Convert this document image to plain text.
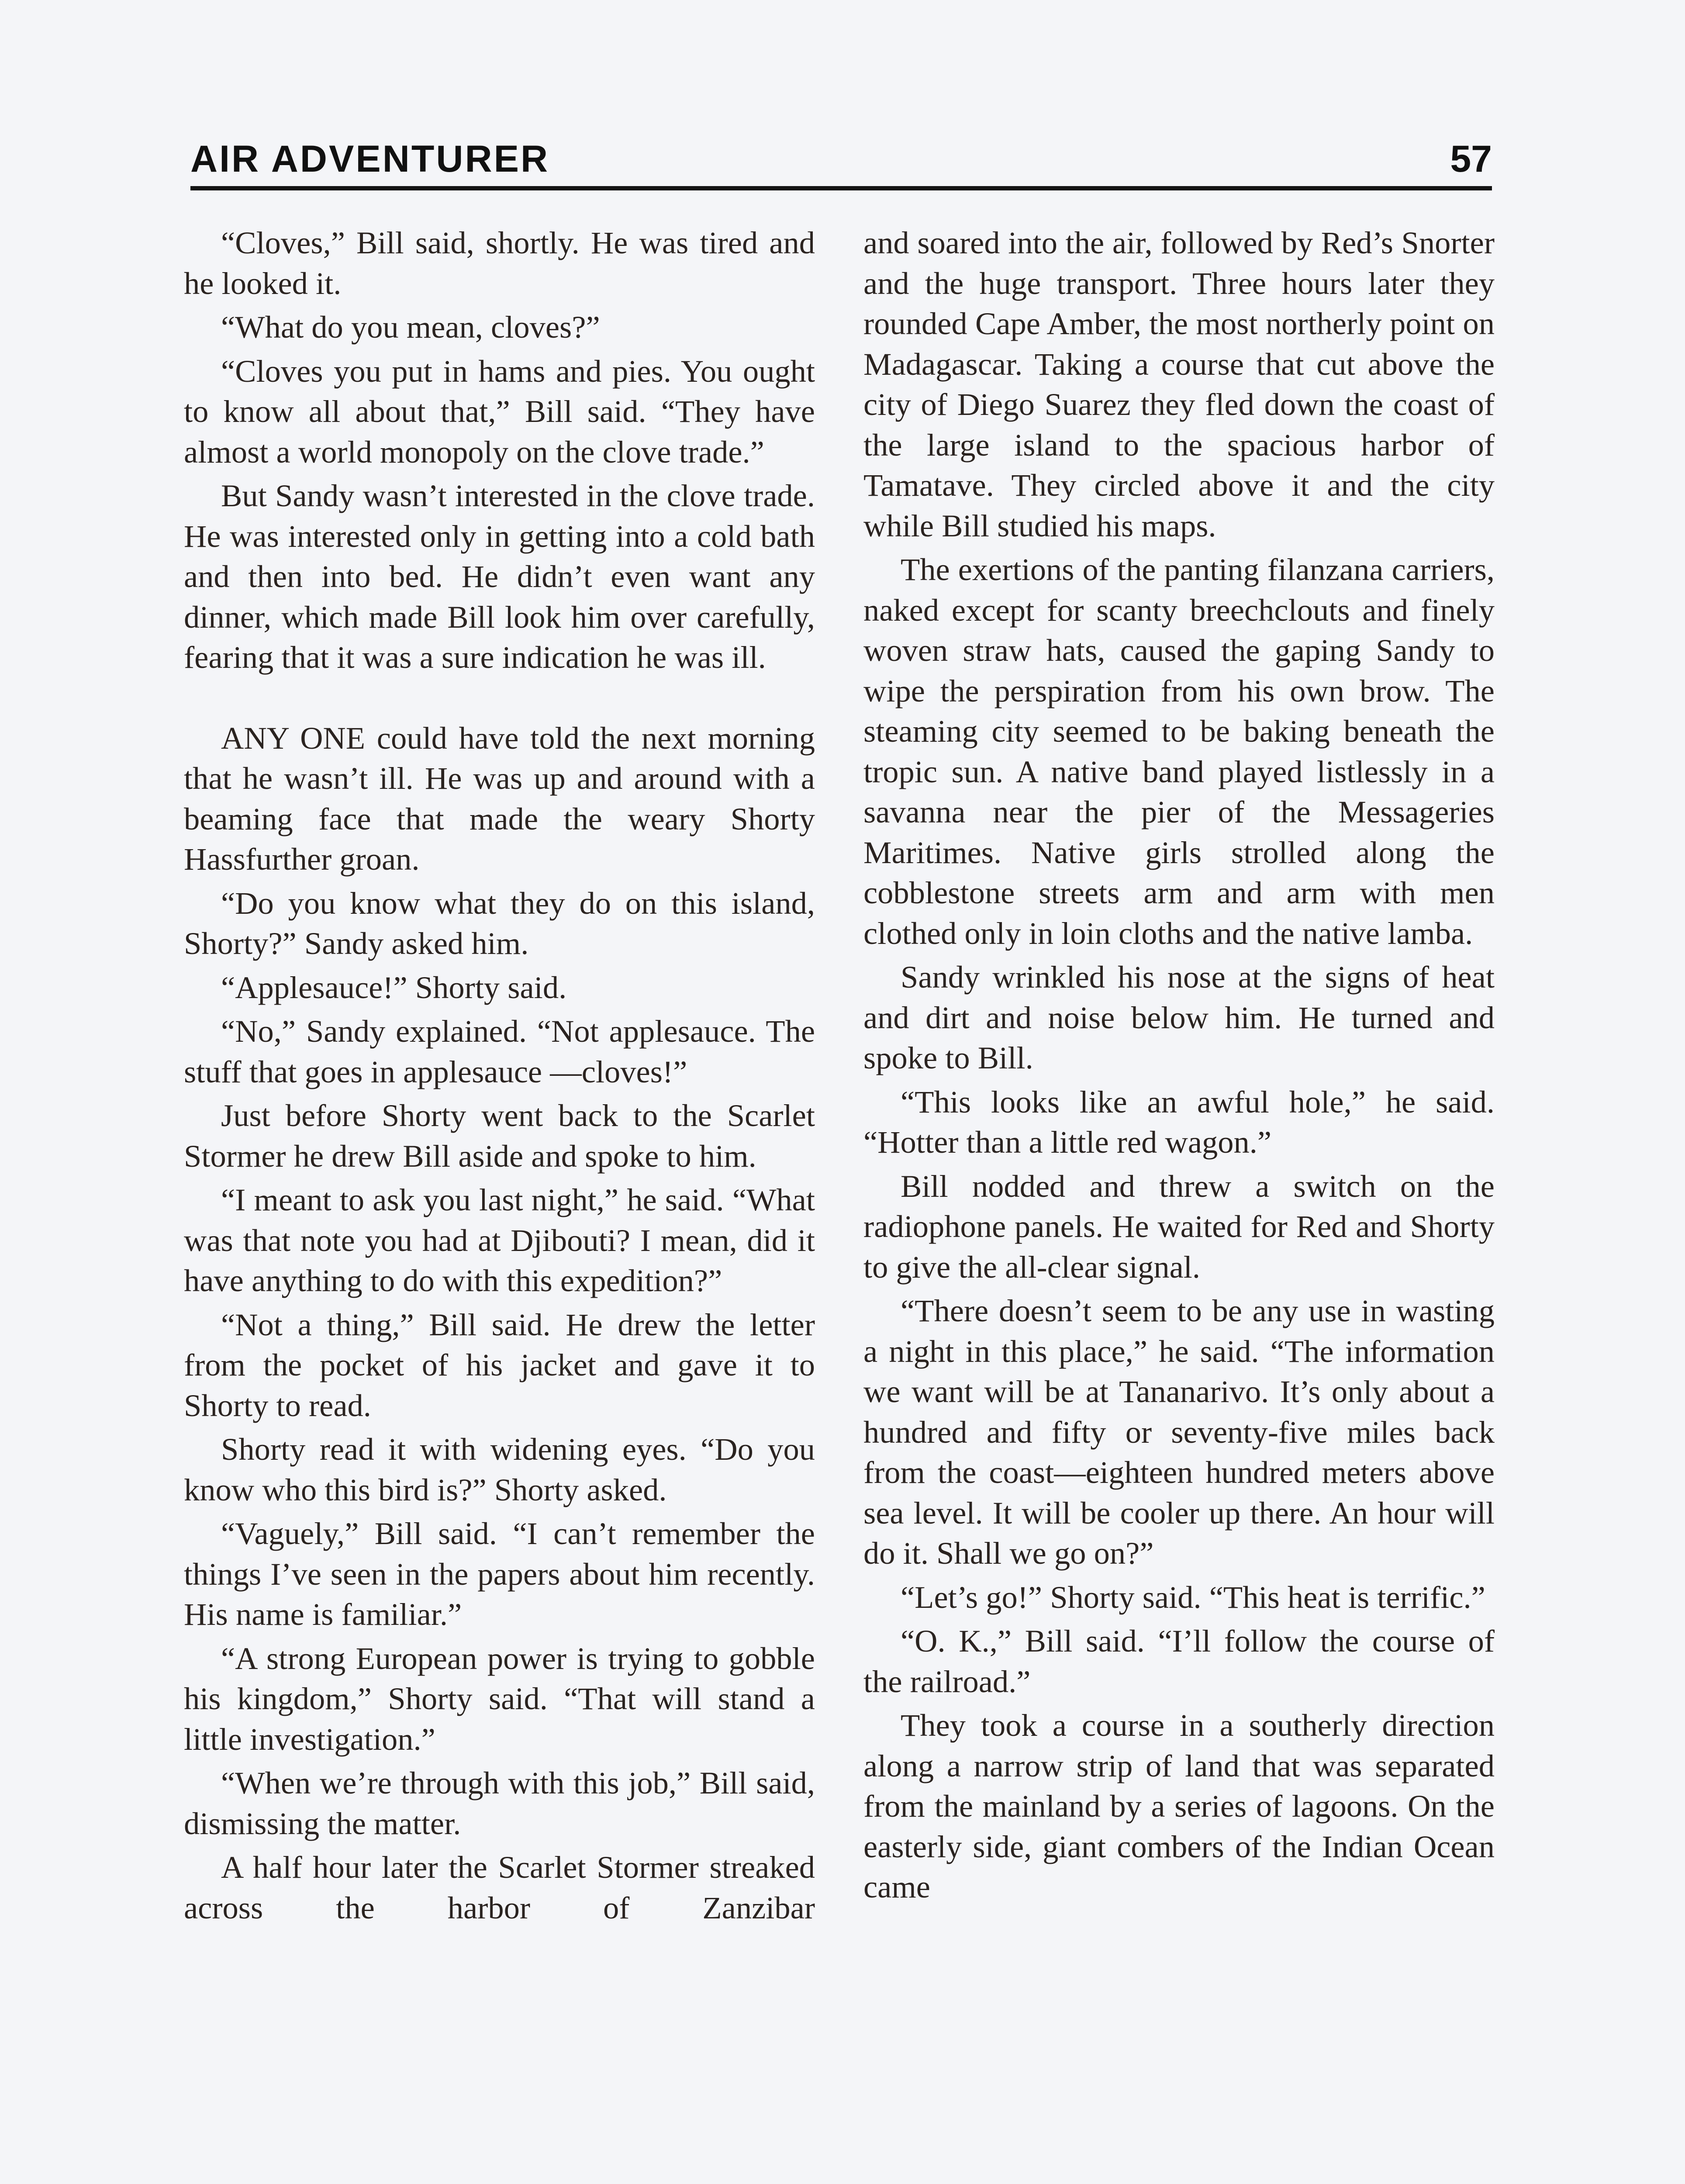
AIR ADVENTURER	57

“Cloves,” Bill said, shortly. He was tired and he looked it.

“What do you mean, cloves?”

“Cloves you put in hams and pies. You ought to know all about that,” Bill said. “They have almost a world monopoly on the clove trade.”

But Sandy wasn’t interested in the clove trade. He was interested only in getting into a cold bath and then into bed. He didn’t even want any dinner, which made Bill look him over carefully, fearing that it was a sure indication he was ill.

ANY ONE could have told the next morning that he wasn’t ill. He was up and around with a beaming face that made the weary Shorty Hassfurther groan.

“Do you know what they do on this island, Shorty?” Sandy asked him.

“Applesauce!” Shorty said.

“No,” Sandy explained. “Not applesauce. The stuff that goes in applesauce —cloves!”

Just before Shorty went back to the Scarlet Stormer he drew Bill aside and spoke to him.

“I meant to ask you last night,” he said. “What was that note you had at Djibouti? I mean, did it have anything to do with this expedition?”

“Not a thing,” Bill said. He drew the letter from the pocket of his jacket and gave it to Shorty to read.

Shorty read it with widening eyes. “Do you know who this bird is?” Shorty asked.

“Vaguely,” Bill said. “I can’t remember the things I’ve seen in the papers about him recently. His name is familiar.”

“A strong European power is trying to gobble his kingdom,” Shorty said. “That will stand a little investigation.”

“When we’re through with this job,” Bill said, dismissing the matter.

A half hour later the Scarlet Stormer streaked across the harbor of Zanzibar

and soared into the air, followed by Red’s Snorter and the huge transport. Three hours later they rounded Cape Amber, the most northerly point on Madagascar. Taking a course that cut above the city of Diego Suarez they fled down the coast of the large island to the spacious harbor of Tamatave. They circled above it and the city while Bill studied his maps.

The exertions of the panting filanzana carriers, naked except for scanty breechclouts and finely woven straw hats, caused the gaping Sandy to wipe the perspiration from his own brow. The steaming city seemed to be baking beneath the tropic sun. A native band played listlessly in a savanna near the pier of the Messageries Maritimes. Native girls strolled along the cobblestone streets arm and arm with men clothed only in loin cloths and the native lamba.

Sandy wrinkled his nose at the signs of heat and dirt and noise below him. He turned and spoke to Bill.

“This looks like an awful hole,” he said. “Hotter than a little red wagon.”

Bill nodded and threw a switch on the radiophone panels. He waited for Red and Shorty to give the all-clear signal.

“There doesn’t seem to be any use in wasting a night in this place,” he said. “The information we want will be at Tananarivo. It’s only about a hundred and fifty or seventy-five miles back from the coast—eighteen hundred meters above sea level. It will be cooler up there. An hour will do it. Shall we go on?”

“Let’s go!” Shorty said. “This heat is terrific.”

“O. K.,” Bill said. “I’ll follow the course of the railroad.”

They took a course in a southerly direction along a narrow strip of land that was separated from the mainland by a series of lagoons. On the easterly side, giant combers of the Indian Ocean came
